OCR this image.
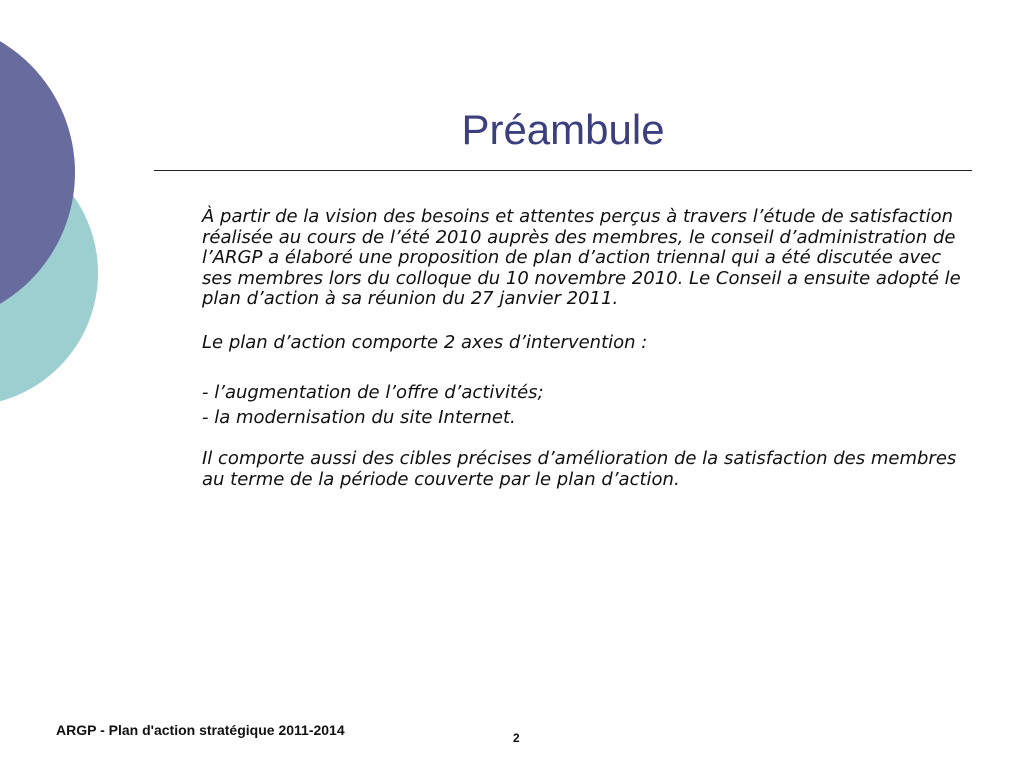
Préambule

À partir de la vision des besoins et attentes perçus à travers l’étude de satisfaction réalisée au cours de l’été 2010 auprès des membres, le conseil d’administration de l’ARGP a élaboré une proposition de plan d’action triennal qui a été discutée avec ses membres lors du colloque du 10 novembre 2010. Le Conseil a ensuite adopté le plan d’action à sa réunion du 27 janvier 2011.

Le plan d’action comporte 2 axes d’intervention :

- l’augmentation de l’offre d’activités;
- la modernisation du site Internet.

Il comporte aussi des cibles précises d’amélioration de la satisfaction des membres au terme de la période couverte par le plan d’action.

ARGP - Plan d'action stratégique 2011-2014	2
